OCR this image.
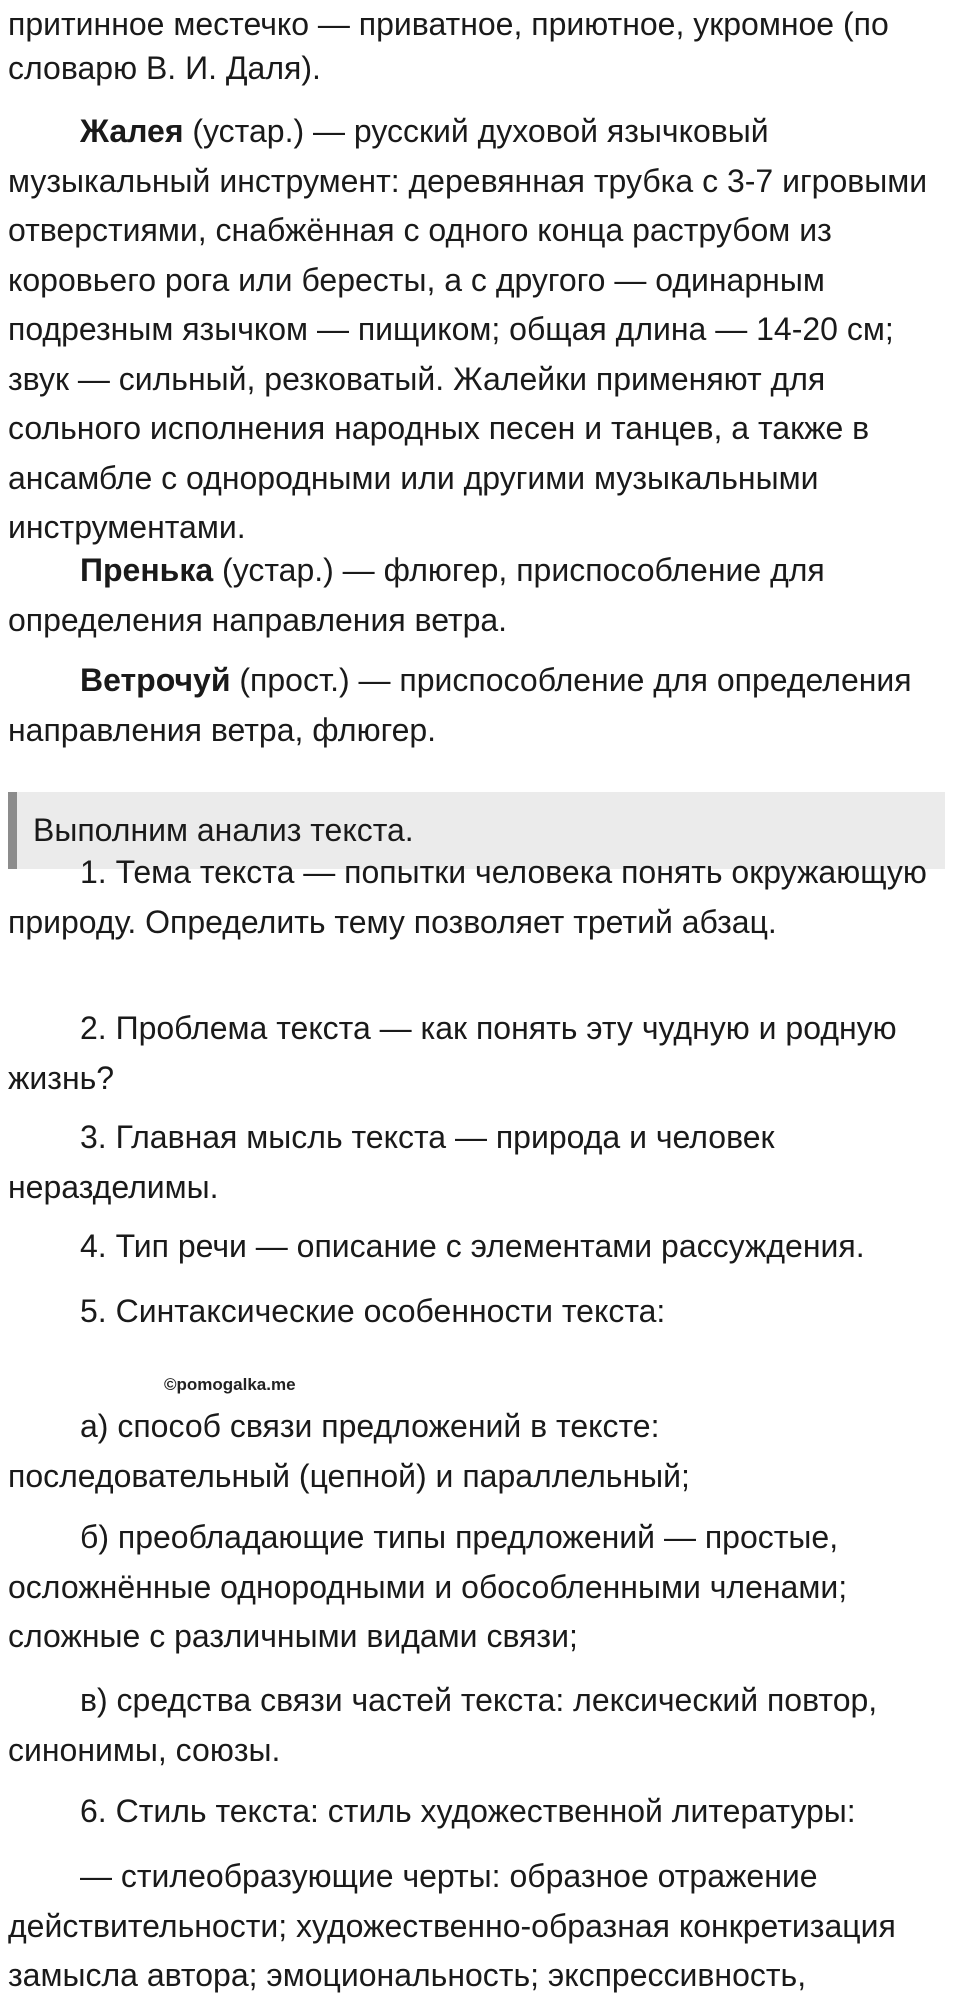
притинное местечко — приватное, приютное, укромное (по

словарю В. И. Даля).

Жалея (устар.) — русский духовой язычковый музыкальный инструмент: деревянная трубка с 3-7 игровыми отверстиями, снабжённая с одного конца раструбом из коровьего рога или бересты, а с другого — одинарным подрезным язычком — пищиком; общая длина — 14-20 см; звук — сильный, резковатый. Жалейки применяют для сольного исполнения народных песен и танцев, а также в ансамбле с однородными или другими музыкальными инструментами.

Пренька (устар.) — флюгер, приспособление для определения направления ветра.

Ветрочуй (прост.) — приспособление для определения направления ветра, флюгер.

Выполним анализ текста.

1. Тема текста — попытки человека понять окружающую природу. Определить тему позволяет третий абзац.

2. Проблема текста — как понять эту чудную и родную жизнь?

3. Главная мысль текста — природа и человек неразделимы.

4. Тип речи — описание с элементами рассуждения.

5. Синтаксические особенности текста:

©pomogalka.me

а) способ связи предложений в тексте: последовательный (цепной) и параллельный;

б) преобладающие типы предложений — простые, осложнённые однородными и обособленными членами; сложные с различными видами связи;

в) средства связи частей текста: лексический повтор, синонимы, союзы.

6. Стиль текста: стиль художественной литературы:

— стилеобразующие черты: образное отражение действительности; художественно-образная конкретизация замысла автора; эмоциональность; экспрессивность,
